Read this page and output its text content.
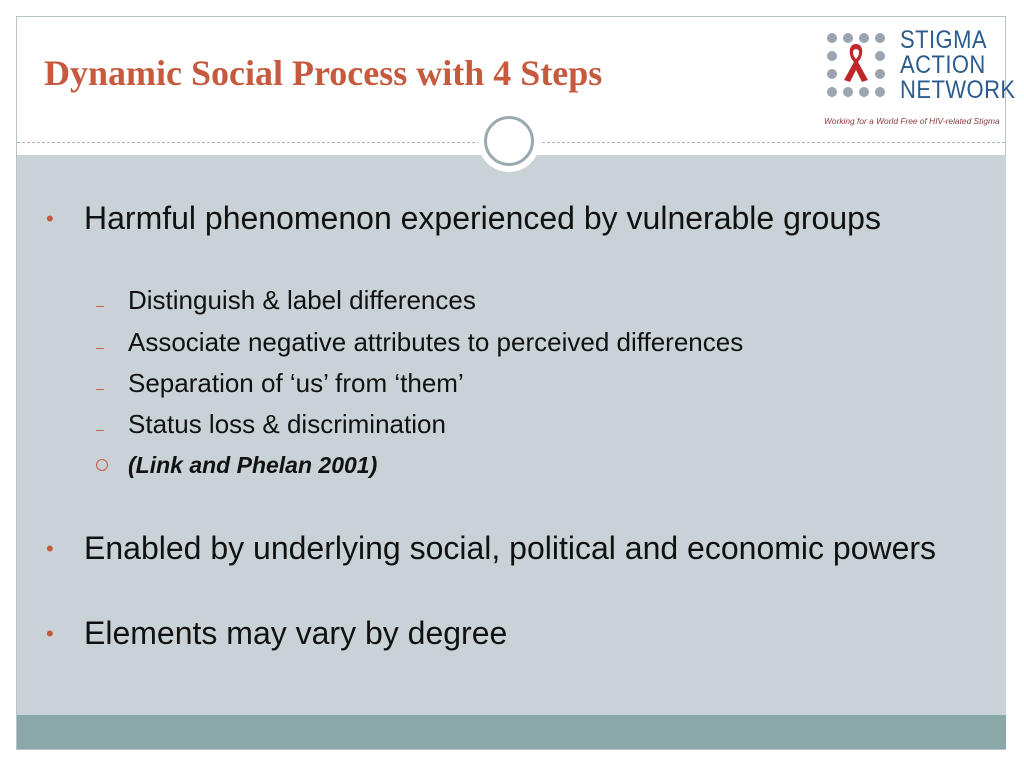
Dynamic Social Process with 4 Steps
STIGMA
ACTION
NETWORK
Working for a World Free of HIV-related Stigma
• Harmful phenomenon experienced by vulnerable groups
– Distinguish & label differences
– Associate negative attributes to perceived differences
– Separation of ‘us’ from ‘them’
– Status loss & discrimination
(Link and Phelan 2001)
• Enabled by underlying social, political and economic powers
• Elements may vary by degree
